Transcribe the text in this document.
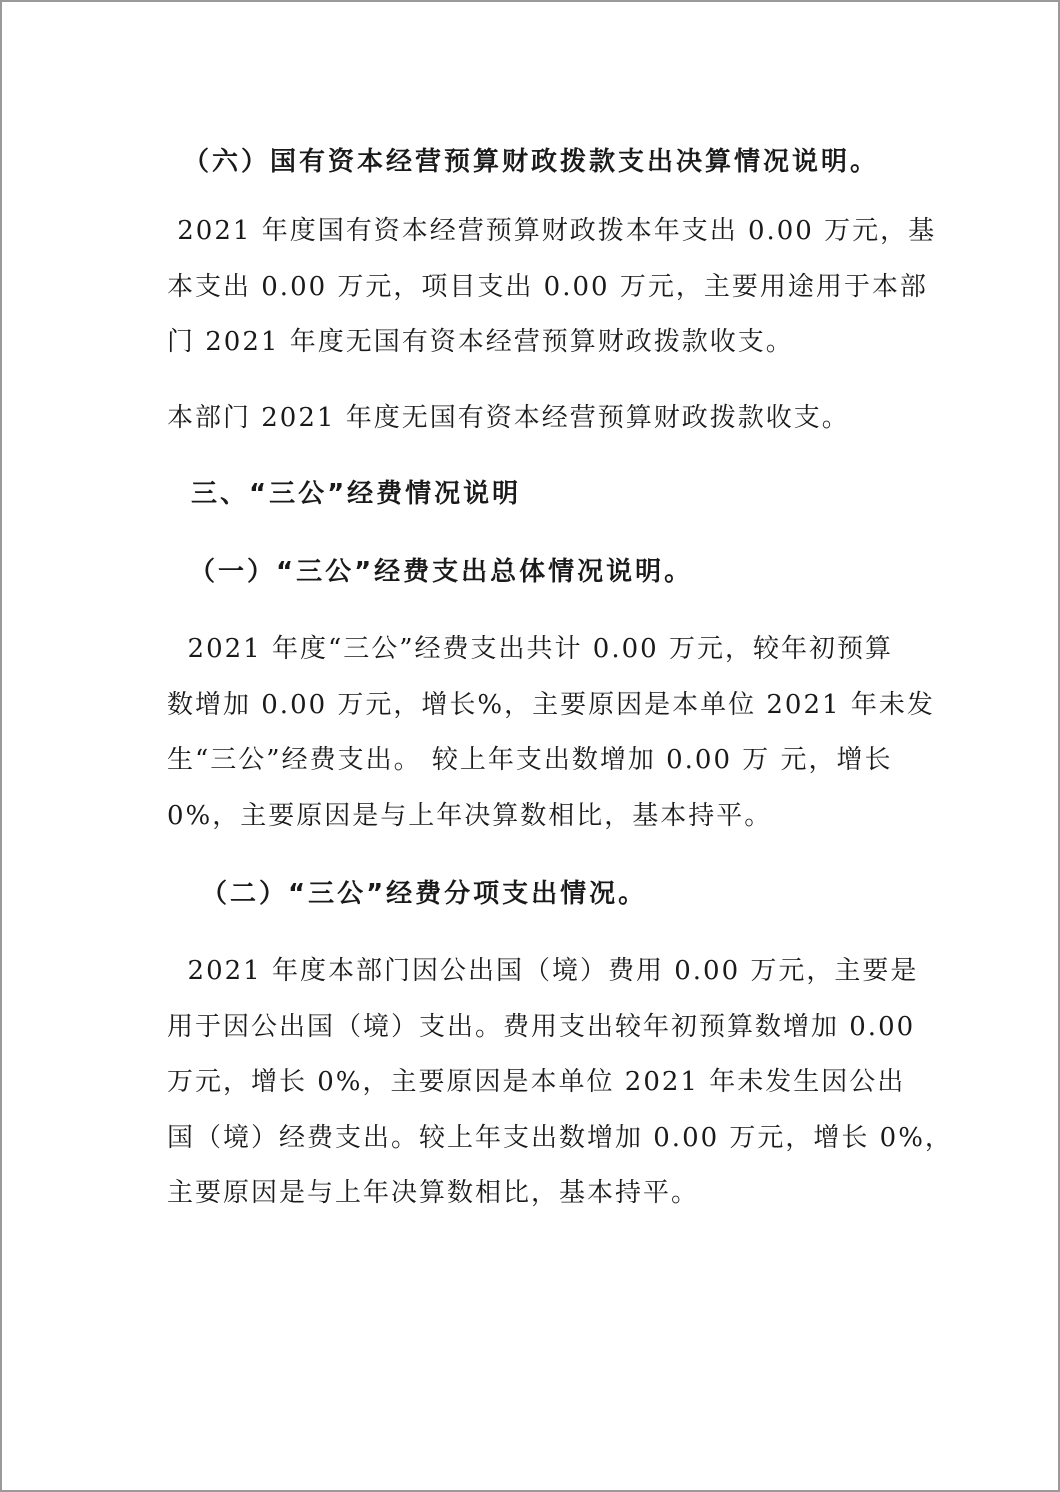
（六）国有资本经营预算财政拨款支出决算情况说明。
2021 年度国有资本经营预算财政拨本年支出 0.00 万元，基
本支出 0.00 万元，项目支出 0.00 万元，主要用途用于本部
门 2021 年度无国有资本经营预算财政拨款收支。
本部门 2021 年度无国有资本经营预算财政拨款收支。
三、“三公”经费情况说明
（一）“三公”经费支出总体情况说明。
2021 年度“三公”经费支出共计 0.00 万元，较年初预算
数增加 0.00 万元，增长%，主要原因是本单位 2021 年未发
生“三公”经费支出。 较上年支出数增加 0.00 万 元，增长
0%，主要原因是与上年决算数相比，基本持平。
（二）“三公”经费分项支出情况。
2021 年度本部门因公出国（境）费用 0.00 万元，主要是
用于因公出国（境）支出。费用支出较年初预算数增加 0.00
万元，增长 0%，主要原因是本单位 2021 年未发生因公出
国（境）经费支出。较上年支出数增加 0.00 万元，增长 0%，
主要原因是与上年决算数相比，基本持平。
